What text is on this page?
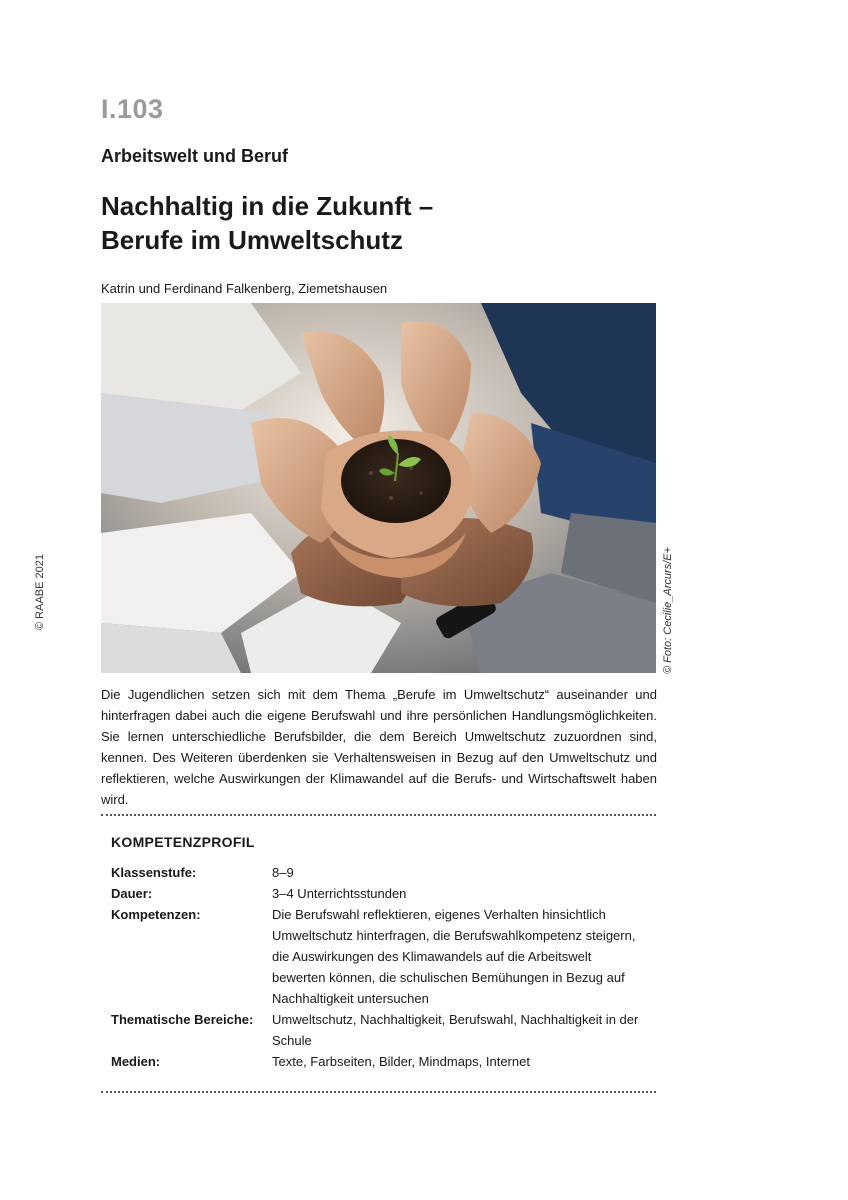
I.103
Arbeitswelt und Beruf
Nachhaltig in die Zukunft –
Berufe im Umweltschutz
Katrin und Ferdinand Falkenberg, Ziemetshausen
© RAABE 2021	© Foto: Cecilie_Arcurs/E+
Die Jugendlichen setzen sich mit dem Thema „Berufe im Umweltschutz“ auseinander und hinterfragen dabei auch die eigene Berufswahl und ihre persönlichen Handlungsmöglichkeiten. Sie lernen unterschiedliche Berufsbilder, die dem Bereich Umweltschutz zuzuordnen sind, kennen. Des Weiteren überdenken sie Verhaltensweisen in Bezug auf den Umweltschutz und reflektieren, welche Auswirkungen der Klimawandel auf die Berufs- und Wirtschaftswelt haben wird.
KOMPETENZPROFIL
Klassenstufe:	8–9
Dauer:	3–4 Unterrichtsstunden
Kompetenzen:	Die Berufswahl reflektieren, eigenes Verhalten hinsichtlich Umweltschutz hinterfragen, die Berufswahlkompetenz steigern, die Auswirkungen des Klimawandels auf die Arbeitswelt bewerten können, die schulischen Bemühungen in Bezug auf Nachhaltigkeit untersuchen
Thematische Bereiche:	Umweltschutz, Nachhaltigkeit, Berufswahl, Nachhaltigkeit in der Schule
Medien:	Texte, Farbseiten, Bilder, Mindmaps, Internet
